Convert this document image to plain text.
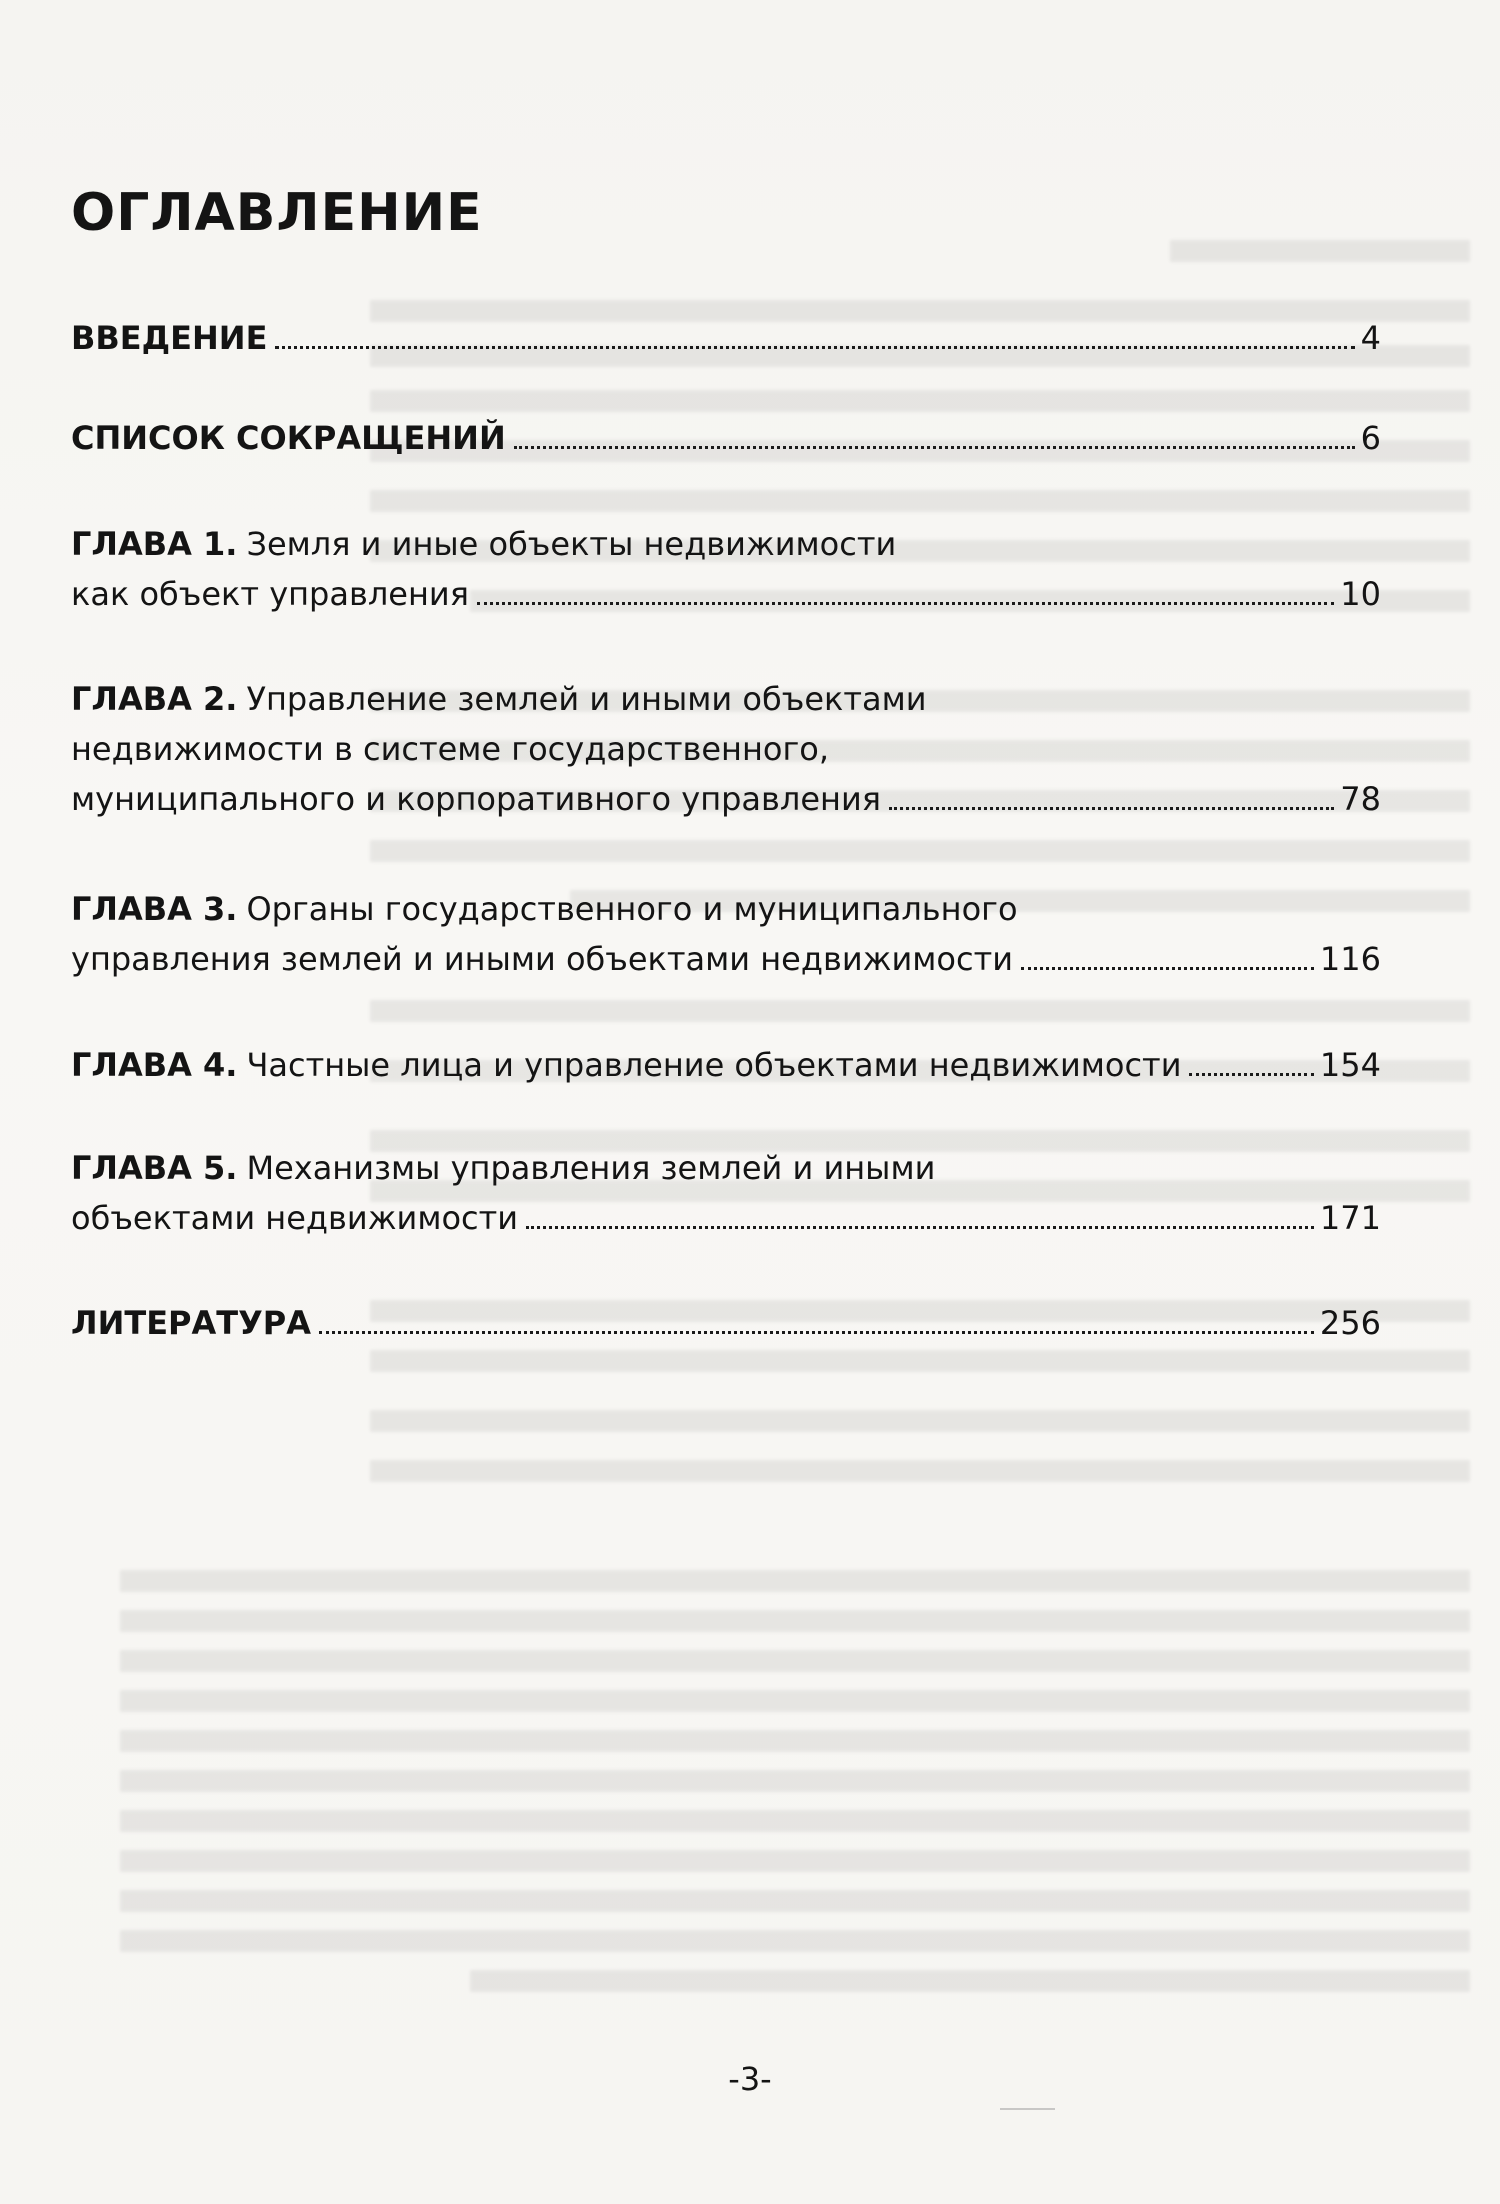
ОГЛАВЛЕНИЕ
ВВЕДЕНИЕ	4
СПИСОК СОКРАЩЕНИЙ	6
ГЛАВА 1. Земля и иные объекты недвижимости
как объект управления	10
ГЛАВА 2. Управление землей и иными объектами
недвижимости в системе государственного,
муниципального и корпоративного управления	78
ГЛАВА 3. Органы государственного и муниципального
управления землей и иными объектами недвижимости	116
ГЛАВА 4. Частные лица и управление объектами недвижимости	154
ГЛАВА 5. Механизмы управления землей и иными
объектами недвижимости	171
ЛИТЕРАТУРА	256
-3-
